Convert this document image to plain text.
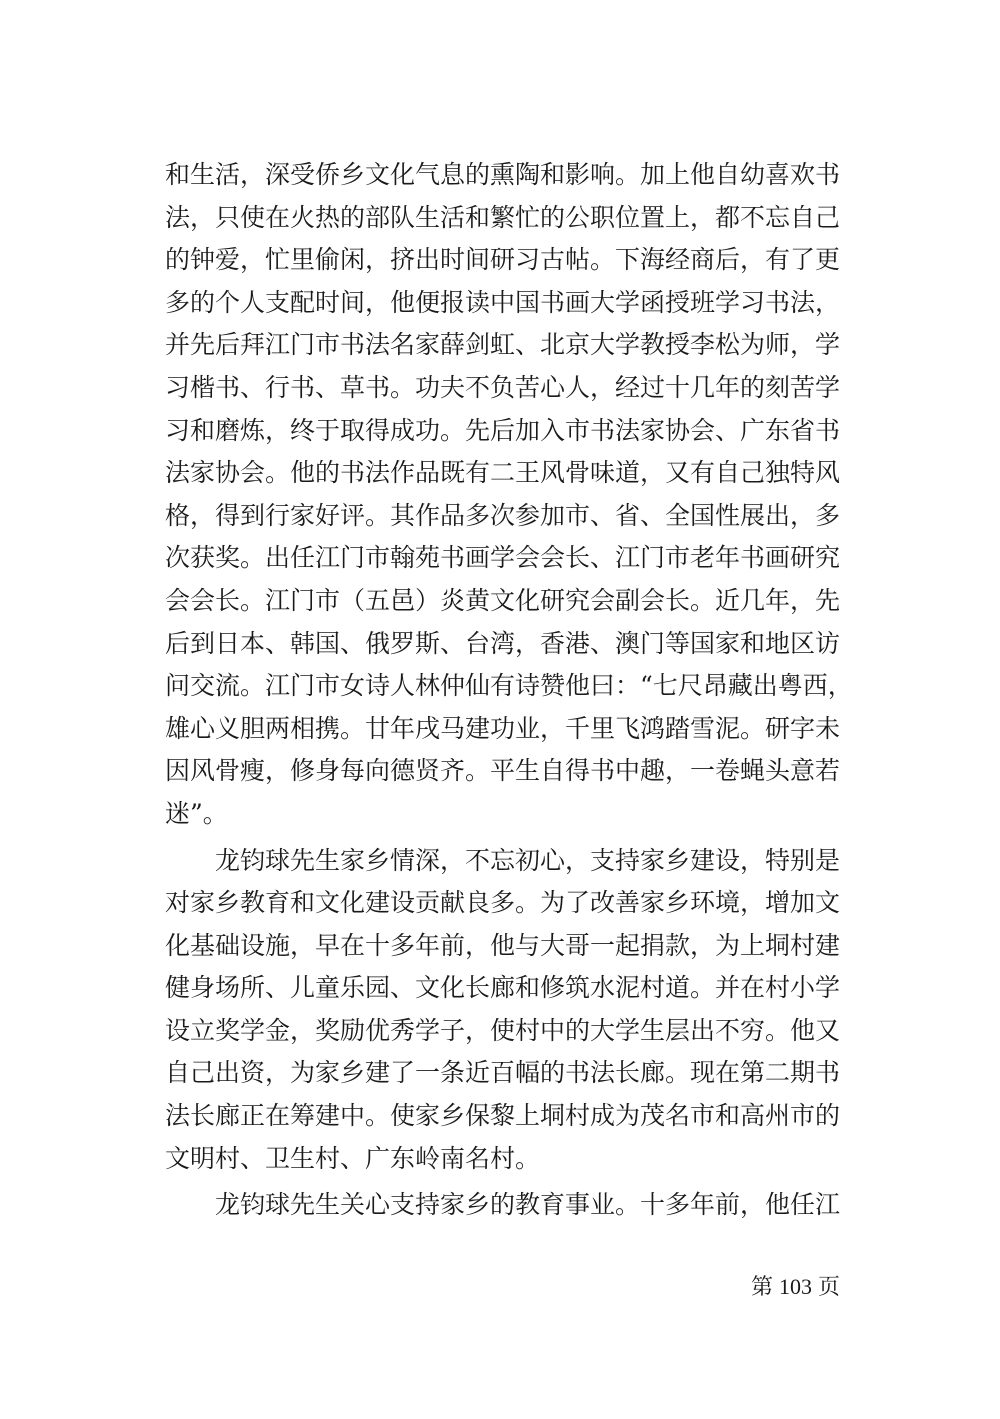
和生活，深受侨乡文化气息的熏陶和影响。加上他自幼喜欢书
法，只使在火热的部队生活和繁忙的公职位置上，都不忘自己
的钟爱，忙里偷闲，挤出时间研习古帖。下海经商后，有了更
多的个人支配时间，他便报读中国书画大学函授班学习书法，
并先后拜江门市书法名家薛剑虹、北京大学教授李松为师，学
习楷书、行书、草书。功夫不负苦心人，经过十几年的刻苦学
习和磨炼，终于取得成功。先后加入市书法家协会、广东省书
法家协会。他的书法作品既有二王风骨味道，又有自己独特风
格，得到行家好评。其作品多次参加市、省、全国性展出，多
次获奖。出任江门市翰苑书画学会会长、江门市老年书画研究
会会长。江门市（五邑）炎黄文化研究会副会长。近几年，先
后到日本、韩国、俄罗斯、台湾，香港、澳门等国家和地区访
问交流。江门市女诗人林仲仙有诗赞他曰：“七尺昂藏出粤西，
雄心义胆两相携。廿年戌马建功业，千里飞鸿踏雪泥。研字未
因风骨瘦，修身每向德贤齐。平生自得书中趣，一卷蝇头意若
迷”。
龙钧球先生家乡情深，不忘初心，支持家乡建设，特别是
对家乡教育和文化建设贡献良多。为了改善家乡环境，增加文
化基础设施，早在十多年前，他与大哥一起捐款，为上垌村建
健身场所、儿童乐园、文化长廊和修筑水泥村道。并在村小学
设立奖学金，奖励优秀学子，使村中的大学生层出不穷。他又
自己出资，为家乡建了一条近百幅的书法长廊。现在第二期书
法长廊正在筹建中。使家乡保黎上垌村成为茂名市和高州市的
文明村、卫生村、广东岭南名村。
龙钧球先生关心支持家乡的教育事业。十多年前，他任江
第 103 页
